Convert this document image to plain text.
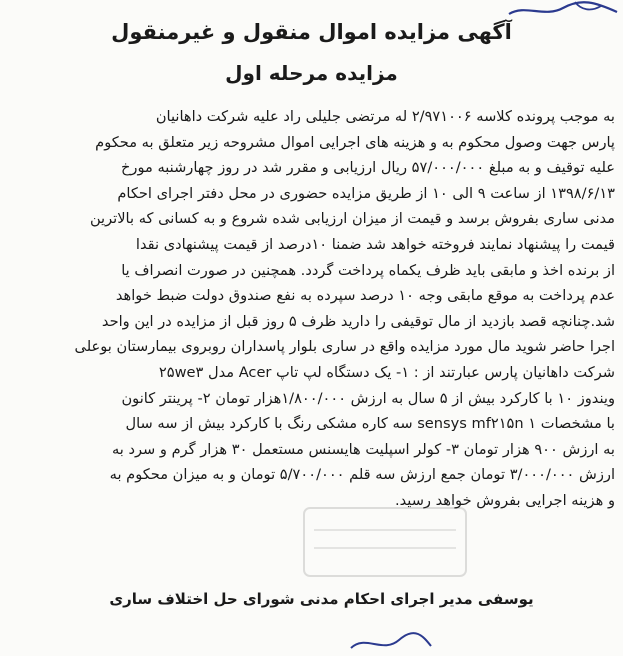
آگهی مزایده اموال منقول و غیرمنقول
مزایده مرحله اول
به موجب پرونده کلاسه ۲/۹۷۱۰۰۶ له مرتضی جلیلی راد علیه شرکت داهانیان
پارس جهت وصول محکوم به و هزینه های اجرایی اموال مشروحه زیر متعلق به محکوم
علیه توقیف و به مبلغ ۵۷/۰۰۰/۰۰۰ ریال ارزیابی و مقرر شد در روز چهارشنبه مورخ
۱۳۹۸/۶/۱۳ از ساعت ۹ الی ۱۰ از طریق مزایده حضوری در محل دفتر اجرای احکام
مدنی ساری بفروش برسد و قیمت از میزان ارزیابی شده شروع و به کسانی که بالاترین
قیمت را پیشنهاد نمایند فروخته خواهد شد ضمنا ۱۰درصد از قیمت پیشنهادی نقدا
از برنده اخذ و مابقی باید ظرف یکماه پرداخت گردد. همچنین در صورت انصراف یا
عدم پرداخت به موقع مابقی وجه ۱۰ درصد سپرده به نفع صندوق دولت ضبط خواهد
شد.چنانچه قصد بازدید از مال توقیفی را دارید ظرف ۵ روز قبل از مزایده در این واحد
اجرا حاضر شوید مال مورد مزایده واقع در ساری بلوار پاسداران روبروی بیمارستان بوعلی
شرکت داهانیان پارس عبارتند از : ۱- یک دستگاه لپ تاپ Acer مدل ۲۵we۳
ویندوز ۱۰ با کارکرد بیش از ۵ سال به ارزش ۱/۸۰۰/۰۰۰هزار تومان ۲- پرینتر کانون
با مشخصات sensys mf۲۱۵n ۱ سه کاره مشکی رنگ با کارکرد بیش از سه سال
به ارزش ۹۰۰ هزار تومان ۳- کولر اسپلیت هایسنس مستعمل ۳۰ هزار گرم و سرد به
ارزش ۳/۰۰۰/۰۰۰ تومان جمع ارزش سه قلم ۵/۷۰۰/۰۰۰ تومان و به میزان محکوم به
و هزینه اجرایی بفروش خواهد رسید.
یوسفی مدیر اجرای احکام مدنی شورای حل اختلاف ساری
